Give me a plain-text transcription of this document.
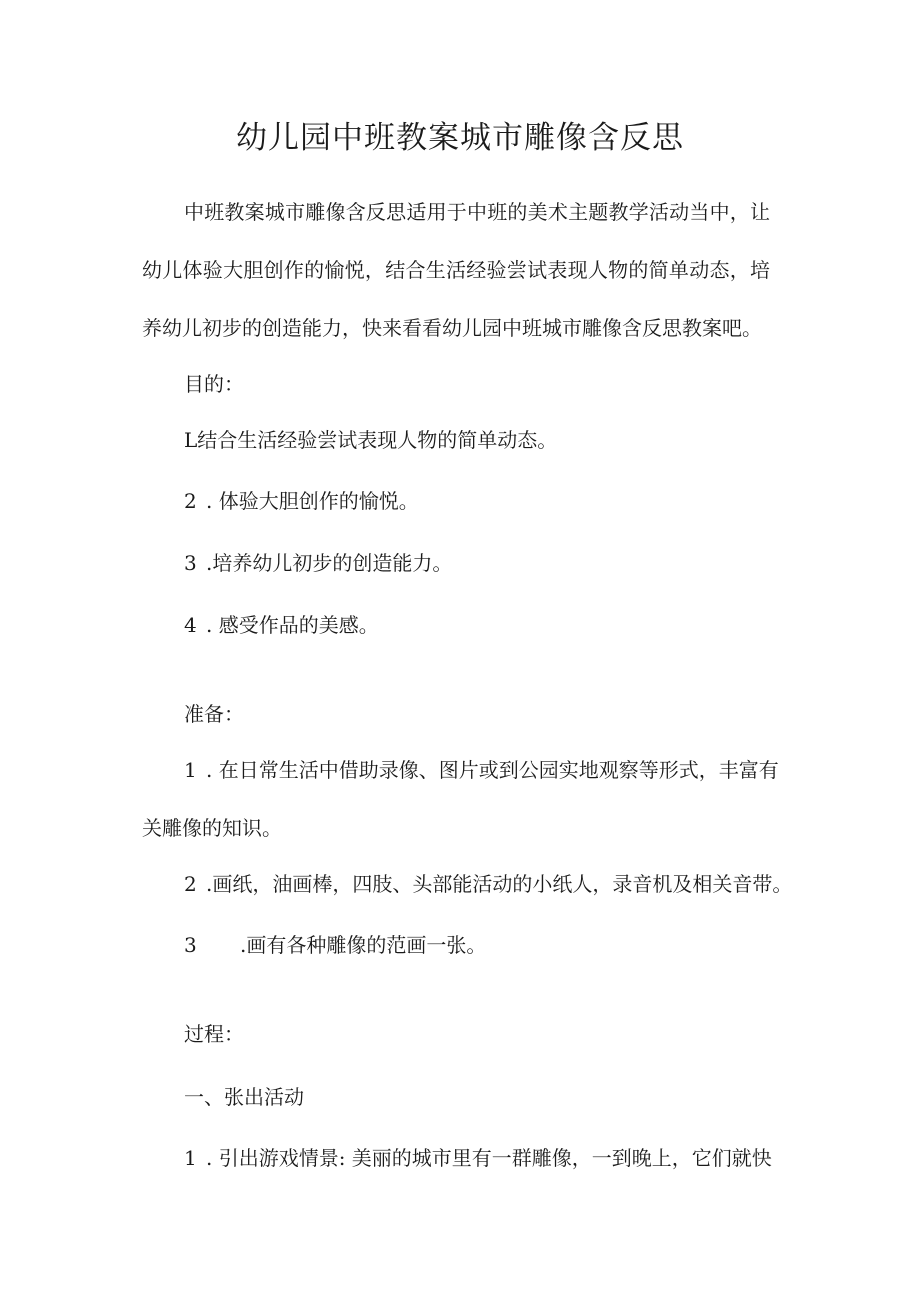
幼儿园中班教案城市雕像含反思

中班教案城市雕像含反思适用于中班的美术主题教学活动当中，让

幼儿体验大胆创作的愉悦，结合生活经验尝试表现人物的简单动态，培

养幼儿初步的创造能力，快来看看幼儿园中班城市雕像含反思教案吧。

目的：

L结合生活经验尝试表现人物的简单动态。

2 . 体验大胆创作的愉悦。

3 .培养幼儿初步的创造能力。

4 . 感受作品的美感。

准备：

1 . 在日常生活中借助录像、图片或到公园实地观察等形式，丰富有

关雕像的知识。

2 .画纸，油画棒，四肢、头部能活动的小纸人，录音机及相关音带。

3 .画有各种雕像的范画一张。

过程：

一、张出活动

1 . 引出游戏情景: 美丽的城市里有一群雕像，一到晚上，它们就快
